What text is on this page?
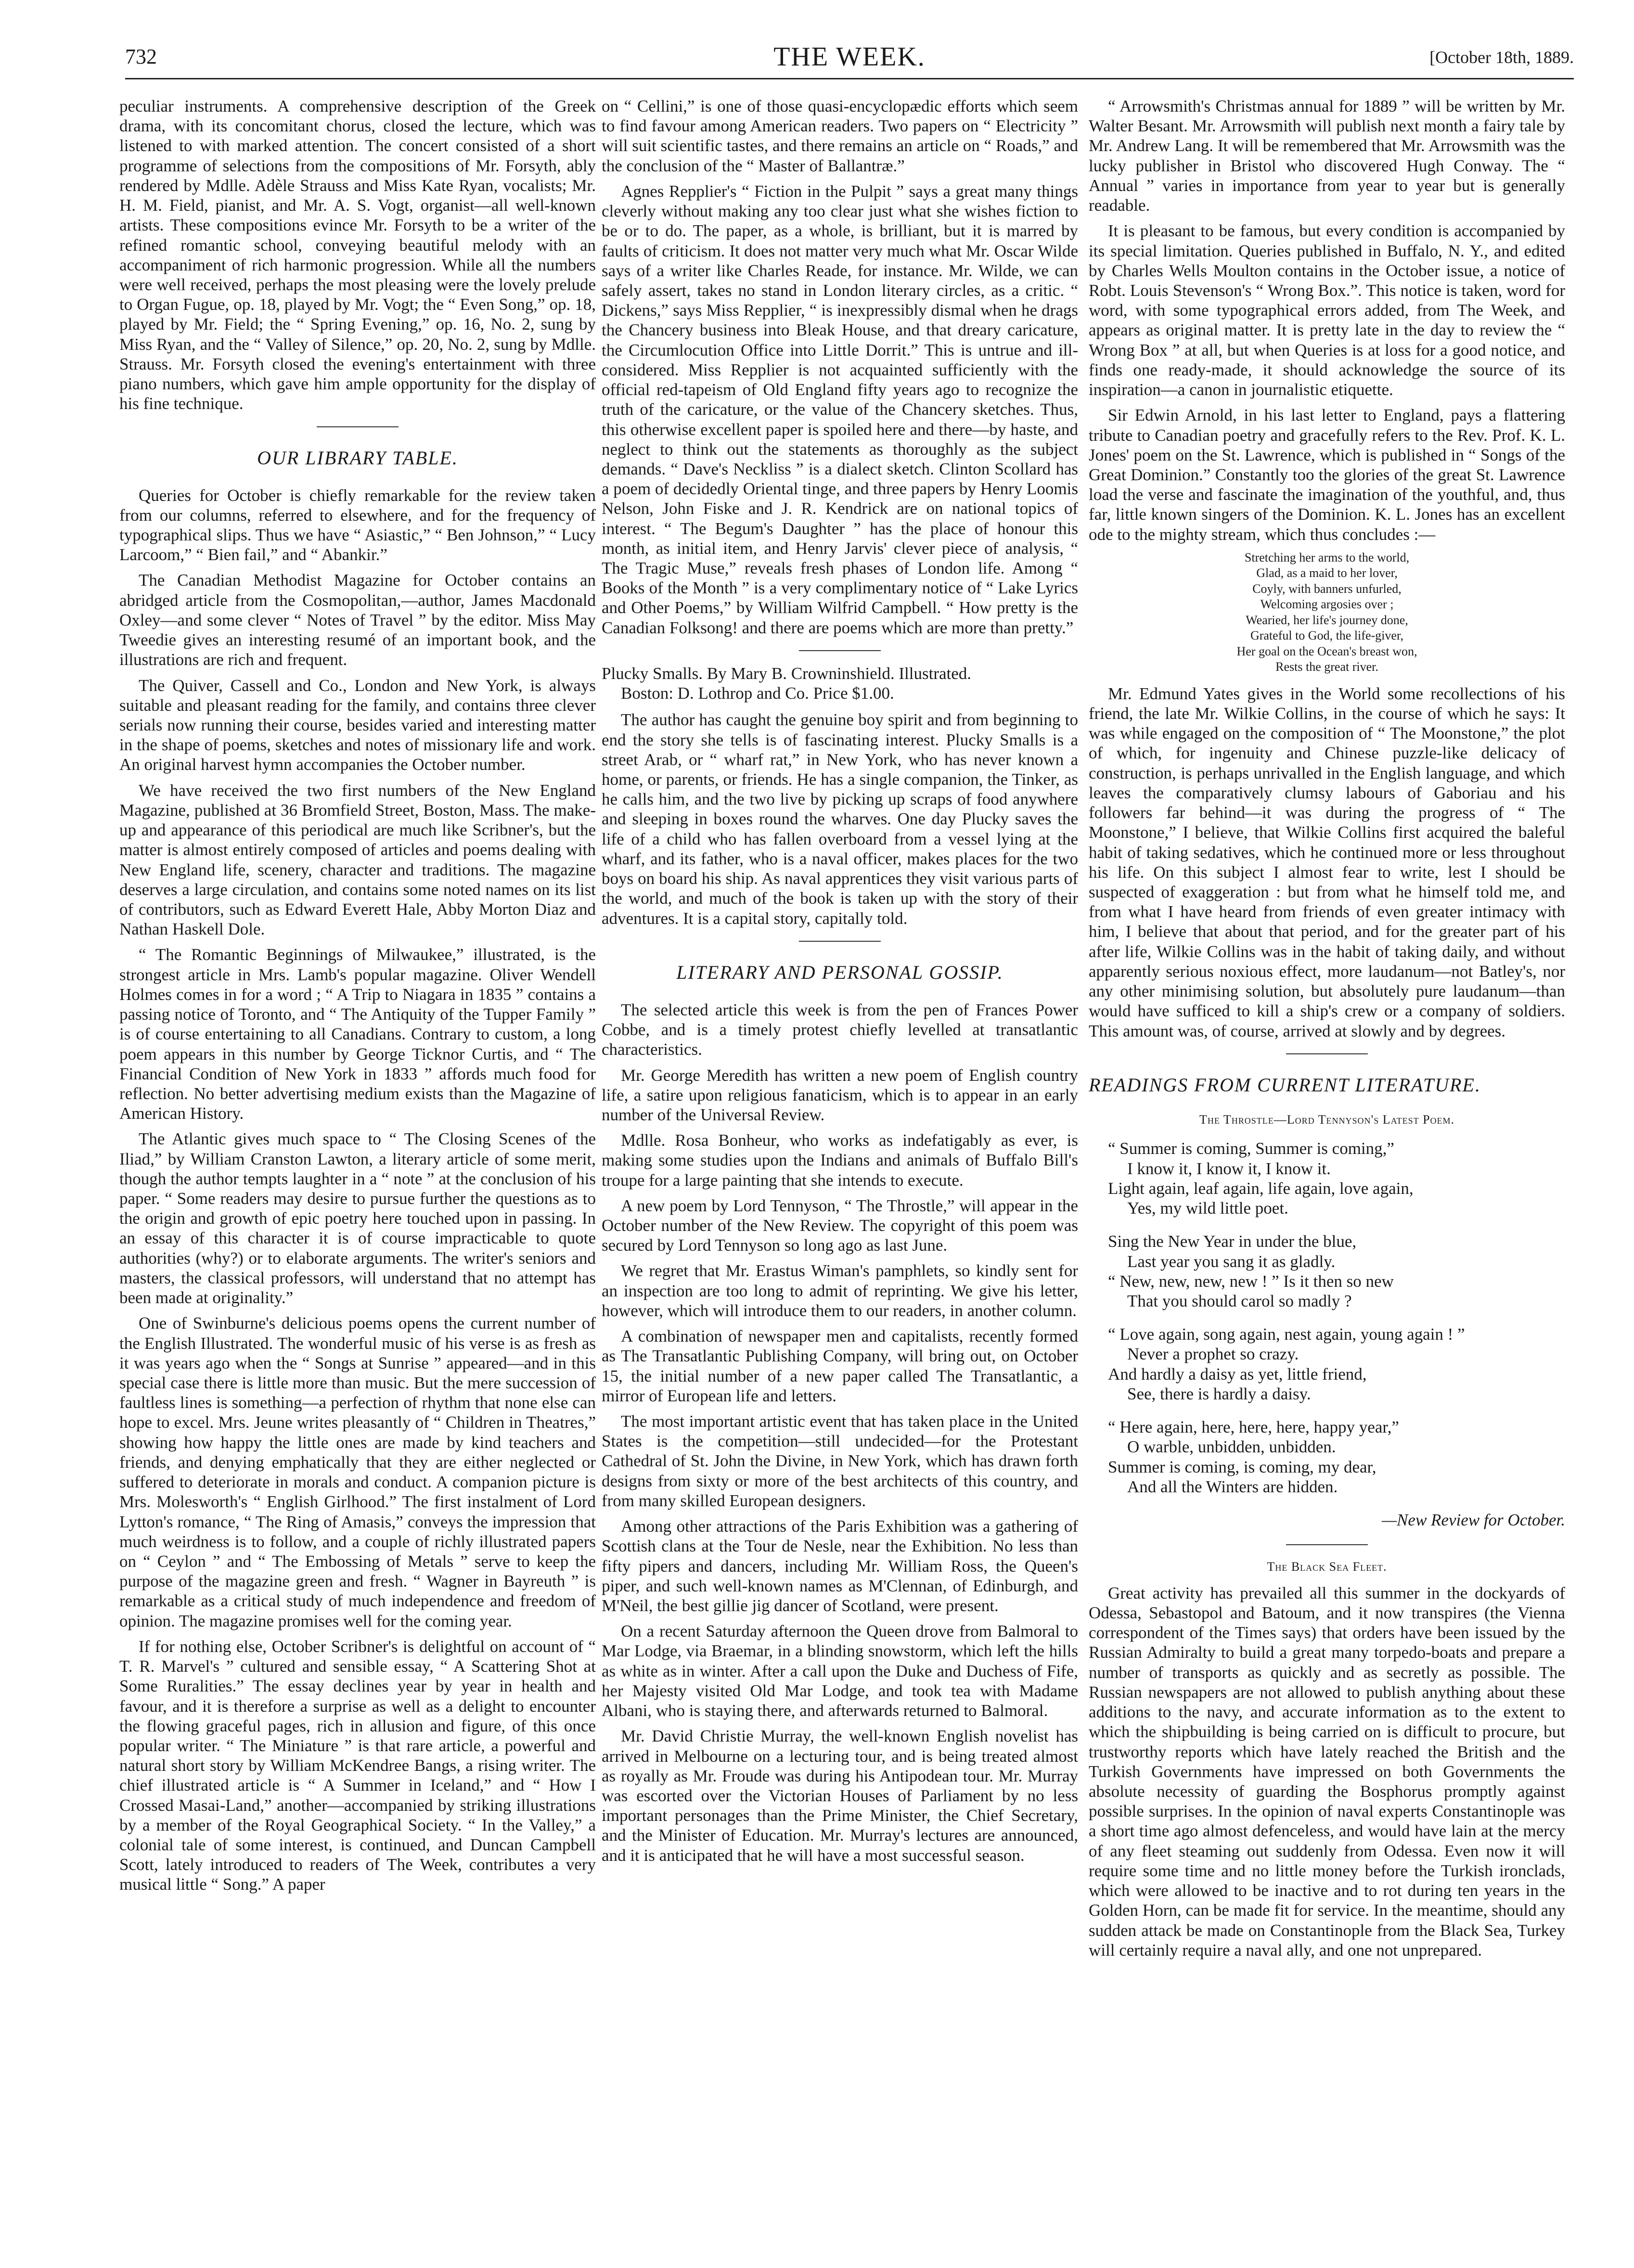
732	THE WEEK.	[October 18th, 1889.

peculiar instruments. A comprehensive description of the Greek drama, with its concomitant chorus, closed the lecture, which was listened to with marked attention. The concert consisted of a short programme of selections from the compositions of Mr. Forsyth, ably rendered by Mdlle. Adèle Strauss and Miss Kate Ryan, vocalists; Mr. H. M. Field, pianist, and Mr. A. S. Vogt, organist—all well-known artists. These compositions evince Mr. Forsyth to be a writer of the refined romantic school, conveying beautiful melody with an accompaniment of rich harmonic progression. While all the numbers were well received, perhaps the most pleasing were the lovely prelude to Organ Fugue, op. 18, played by Mr. Vogt; the “ Even Song,” op. 18, played by Mr. Field; the “ Spring Evening,” op. 16, No. 2, sung by Miss Ryan, and the “ Valley of Silence,” op. 20, No. 2, sung by Mdlle. Strauss. Mr. Forsyth closed the evening's entertainment with three piano numbers, which gave him ample opportunity for the display of his fine technique.

OUR LIBRARY TABLE.

Queries for October is chiefly remarkable for the review taken from our columns, referred to elsewhere, and for the frequency of typographical slips. Thus we have “ Asiastic,” “ Ben Johnson,” “ Lucy Larcoom,” “ Bien fail,” and “ Abankir.”

The Canadian Methodist Magazine for October contains an abridged article from the Cosmopolitan,—author, James Macdonald Oxley—and some clever “ Notes of Travel ” by the editor. Miss May Tweedie gives an interesting resumé of an important book, and the illustrations are rich and frequent.

The Quiver, Cassell and Co., London and New York, is always suitable and pleasant reading for the family, and contains three clever serials now running their course, besides varied and interesting matter in the shape of poems, sketches and notes of missionary life and work. An original harvest hymn accompanies the October number.

We have received the two first numbers of the New England Magazine, published at 36 Bromfield Street, Boston, Mass. The make-up and appearance of this periodical are much like Scribner's, but the matter is almost entirely composed of articles and poems dealing with New England life, scenery, character and traditions. The magazine deserves a large circulation, and contains some noted names on its list of contributors, such as Edward Everett Hale, Abby Morton Diaz and Nathan Haskell Dole.

“ The Romantic Beginnings of Milwaukee,” illustrated, is the strongest article in Mrs. Lamb's popular magazine. Oliver Wendell Holmes comes in for a word ; “ A Trip to Niagara in 1835 ” contains a passing notice of Toronto, and “ The Antiquity of the Tupper Family ” is of course entertaining to all Canadians. Contrary to custom, a long poem appears in this number by George Ticknor Curtis, and “ The Financial Condition of New York in 1833 ” affords much food for reflection. No better advertising medium exists than the Magazine of American History.

The Atlantic gives much space to “ The Closing Scenes of the Iliad,” by William Cranston Lawton, a literary article of some merit, though the author tempts laughter in a “ note ” at the conclusion of his paper. “ Some readers may desire to pursue further the questions as to the origin and growth of epic poetry here touched upon in passing. In an essay of this character it is of course impracticable to quote authorities (why?) or to elaborate arguments. The writer's seniors and masters, the classical professors, will understand that no attempt has been made at originality.”

One of Swinburne's delicious poems opens the current number of the English Illustrated. The wonderful music of his verse is as fresh as it was years ago when the “ Songs at Sunrise ” appeared—and in this special case there is little more than music. But the mere succession of faultless lines is something—a perfection of rhythm that none else can hope to excel. Mrs. Jeune writes pleasantly of “ Children in Theatres,” showing how happy the little ones are made by kind teachers and friends, and denying emphatically that they are either neglected or suffered to deteriorate in morals and conduct. A companion picture is Mrs. Molesworth's “ English Girlhood.” The first instalment of Lord Lytton's romance, “ The Ring of Amasis,” conveys the impression that much weirdness is to follow, and a couple of richly illustrated papers on “ Ceylon ” and “ The Embossing of Metals ” serve to keep the purpose of the magazine green and fresh. “ Wagner in Bayreuth ” is remarkable as a critical study of much independence and freedom of opinion. The magazine promises well for the coming year.

If for nothing else, October Scribner's is delightful on account of “ T. R. Marvel's ” cultured and sensible essay, “ A Scattering Shot at Some Ruralities.” The essay declines year by year in health and favour, and it is therefore a surprise as well as a delight to encounter the flowing graceful pages, rich in allusion and figure, of this once popular writer. “ The Miniature ” is that rare article, a powerful and natural short story by William McKendree Bangs, a rising writer. The chief illustrated article is “ A Summer in Iceland,” and “ How I Crossed Masai-Land,” another—accompanied by striking illustrations by a member of the Royal Geographical Society. “ In the Valley,” a colonial tale of some interest, is continued, and Duncan Campbell Scott, lately introduced to readers of The Week, contributes a very musical little “ Song.” A paper

on “ Cellini,” is one of those quasi-encyclopædic efforts which seem to find favour among American readers. Two papers on “ Electricity ” will suit scientific tastes, and there remains an article on “ Roads,” and the conclusion of the “ Master of Ballantræ.”

Agnes Repplier's “ Fiction in the Pulpit ” says a great many things cleverly without making any too clear just what she wishes fiction to be or to do. The paper, as a whole, is brilliant, but it is marred by faults of criticism. It does not matter very much what Mr. Oscar Wilde says of a writer like Charles Reade, for instance. Mr. Wilde, we can safely assert, takes no stand in London literary circles, as a critic. “ Dickens,” says Miss Repplier, “ is inexpressibly dismal when he drags the Chancery business into Bleak House, and that dreary caricature, the Circumlocution Office into Little Dorrit.” This is untrue and ill-considered. Miss Repplier is not acquainted sufficiently with the official red-tapeism of Old England fifty years ago to recognize the truth of the caricature, or the value of the Chancery sketches. Thus, this otherwise excellent paper is spoiled here and there—by haste, and neglect to think out the statements as thoroughly as the subject demands. “ Dave's Neckliss ” is a dialect sketch. Clinton Scollard has a poem of decidedly Oriental tinge, and three papers by Henry Loomis Nelson, John Fiske and J. R. Kendrick are on national topics of interest. “ The Begum's Daughter ” has the place of honour this month, as initial item, and Henry Jarvis' clever piece of analysis, “ The Tragic Muse,” reveals fresh phases of London life. Among “ Books of the Month ” is a very complimentary notice of “ Lake Lyrics and Other Poems,” by William Wilfrid Campbell. “ How pretty is the Canadian Folksong! and there are poems which are more than pretty.”

Plucky Smalls. By Mary B. Crowninshield. Illustrated.
Boston: D. Lothrop and Co. Price $1.00.

The author has caught the genuine boy spirit and from beginning to end the story she tells is of fascinating interest. Plucky Smalls is a street Arab, or “ wharf rat,” in New York, who has never known a home, or parents, or friends. He has a single companion, the Tinker, as he calls him, and the two live by picking up scraps of food anywhere and sleeping in boxes round the wharves. One day Plucky saves the life of a child who has fallen overboard from a vessel lying at the wharf, and its father, who is a naval officer, makes places for the two boys on board his ship. As naval apprentices they visit various parts of the world, and much of the book is taken up with the story of their adventures. It is a capital story, capitally told.

LITERARY AND PERSONAL GOSSIP.

The selected article this week is from the pen of Frances Power Cobbe, and is a timely protest chiefly levelled at transatlantic characteristics.

Mr. George Meredith has written a new poem of English country life, a satire upon religious fanaticism, which is to appear in an early number of the Universal Review.

Mdlle. Rosa Bonheur, who works as indefatigably as ever, is making some studies upon the Indians and animals of Buffalo Bill's troupe for a large painting that she intends to execute.

A new poem by Lord Tennyson, “ The Throstle,” will appear in the October number of the New Review. The copyright of this poem was secured by Lord Tennyson so long ago as last June.

We regret that Mr. Erastus Wiman's pamphlets, so kindly sent for an inspection are too long to admit of reprinting. We give his letter, however, which will introduce them to our readers, in another column.

A combination of newspaper men and capitalists, recently formed as The Transatlantic Publishing Company, will bring out, on October 15, the initial number of a new paper called The Transatlantic, a mirror of European life and letters.

The most important artistic event that has taken place in the United States is the competition—still undecided—for the Protestant Cathedral of St. John the Divine, in New York, which has drawn forth designs from sixty or more of the best architects of this country, and from many skilled European designers.

Among other attractions of the Paris Exhibition was a gathering of Scottish clans at the Tour de Nesle, near the Exhibition. No less than fifty pipers and dancers, including Mr. William Ross, the Queen's piper, and such well-known names as M'Clennan, of Edinburgh, and M'Neil, the best gillie jig dancer of Scotland, were present.

On a recent Saturday afternoon the Queen drove from Balmoral to Mar Lodge, via Braemar, in a blinding snowstorm, which left the hills as white as in winter. After a call upon the Duke and Duchess of Fife, her Majesty visited Old Mar Lodge, and took tea with Madame Albani, who is staying there, and afterwards returned to Balmoral.

Mr. David Christie Murray, the well-known English novelist has arrived in Melbourne on a lecturing tour, and is being treated almost as royally as Mr. Froude was during his Antipodean tour. Mr. Murray was escorted over the Victorian Houses of Parliament by no less important personages than the Prime Minister, the Chief Secretary, and the Minister of Education. Mr. Murray's lectures are announced, and it is anticipated that he will have a most successful season.

“ Arrowsmith's Christmas annual for 1889 ” will be written by Mr. Walter Besant. Mr. Arrowsmith will publish next month a fairy tale by Mr. Andrew Lang. It will be remembered that Mr. Arrowsmith was the lucky publisher in Bristol who discovered Hugh Conway. The “ Annual ” varies in importance from year to year but is generally readable.

It is pleasant to be famous, but every condition is accompanied by its special limitation. Queries published in Buffalo, N. Y., and edited by Charles Wells Moulton contains in the October issue, a notice of Robt. Louis Stevenson's “ Wrong Box.”. This notice is taken, word for word, with some typographical errors added, from The Week, and appears as original matter. It is pretty late in the day to review the “ Wrong Box ” at all, but when Queries is at loss for a good notice, and finds one ready-made, it should acknowledge the source of its inspiration—a canon in journalistic etiquette.

Sir Edwin Arnold, in his last letter to England, pays a flattering tribute to Canadian poetry and gracefully refers to the Rev. Prof. K. L. Jones' poem on the St. Lawrence, which is published in “ Songs of the Great Dominion.” Constantly too the glories of the great St. Lawrence load the verse and fascinate the imagination of the youthful, and, thus far, little known singers of the Dominion. K. L. Jones has an excellent ode to the mighty stream, which thus concludes :—

Stretching her arms to the world,
Glad, as a maid to her lover,
Coyly, with banners unfurled,
Welcoming argosies over ;
Wearied, her life's journey done,
Grateful to God, the life-giver,
Her goal on the Ocean's breast won,
Rests the great river.

Mr. Edmund Yates gives in the World some recollections of his friend, the late Mr. Wilkie Collins, in the course of which he says: It was while engaged on the composition of “ The Moonstone,” the plot of which, for ingenuity and Chinese puzzle-like delicacy of construction, is perhaps unrivalled in the English language, and which leaves the comparatively clumsy labours of Gaboriau and his followers far behind—it was during the progress of “ The Moonstone,” I believe, that Wilkie Collins first acquired the baleful habit of taking sedatives, which he continued more or less throughout his life. On this subject I almost fear to write, lest I should be suspected of exaggeration : but from what he himself told me, and from what I have heard from friends of even greater intimacy with him, I believe that about that period, and for the greater part of his after life, Wilkie Collins was in the habit of taking daily, and without apparently serious noxious effect, more laudanum—not Batley's, nor any other minimising solution, but absolutely pure laudanum—than would have sufficed to kill a ship's crew or a company of soldiers. This amount was, of course, arrived at slowly and by degrees.

READINGS FROM CURRENT LITERATURE.
The Throstle—Lord Tennyson's Latest Poem.
“ Summer is coming, Summer is coming,”
I know it, I know it, I know it.
Light again, leaf again, life again, love again,
Yes, my wild little poet.
Sing the New Year in under the blue,
Last year you sang it as gladly.
“ New, new, new, new ! ” Is it then so new
That you should carol so madly ?
“ Love again, song again, nest again, young again ! ”
Never a prophet so crazy.
And hardly a daisy as yet, little friend,
See, there is hardly a daisy.
“ Here again, here, here, here, happy year,”
O warble, unbidden, unbidden.
Summer is coming, is coming, my dear,
And all the Winters are hidden.
—New Review for October.
The Black Sea Fleet.

Great activity has prevailed all this summer in the dockyards of Odessa, Sebastopol and Batoum, and it now transpires (the Vienna correspondent of the Times says) that orders have been issued by the Russian Admiralty to build a great many torpedo-boats and prepare a number of transports as quickly and as secretly as possible. The Russian newspapers are not allowed to publish anything about these additions to the navy, and accurate information as to the extent to which the shipbuilding is being carried on is difficult to procure, but trustworthy reports which have lately reached the British and the Turkish Governments have impressed on both Governments the absolute necessity of guarding the Bosphorus promptly against possible surprises. In the opinion of naval experts Constantinople was a short time ago almost defenceless, and would have lain at the mercy of any fleet steaming out suddenly from Odessa. Even now it will require some time and no little money before the Turkish ironclads, which were allowed to be inactive and to rot during ten years in the Golden Horn, can be made fit for service. In the meantime, should any sudden attack be made on Constantinople from the Black Sea, Turkey will certainly require a naval ally, and one not unprepared.
